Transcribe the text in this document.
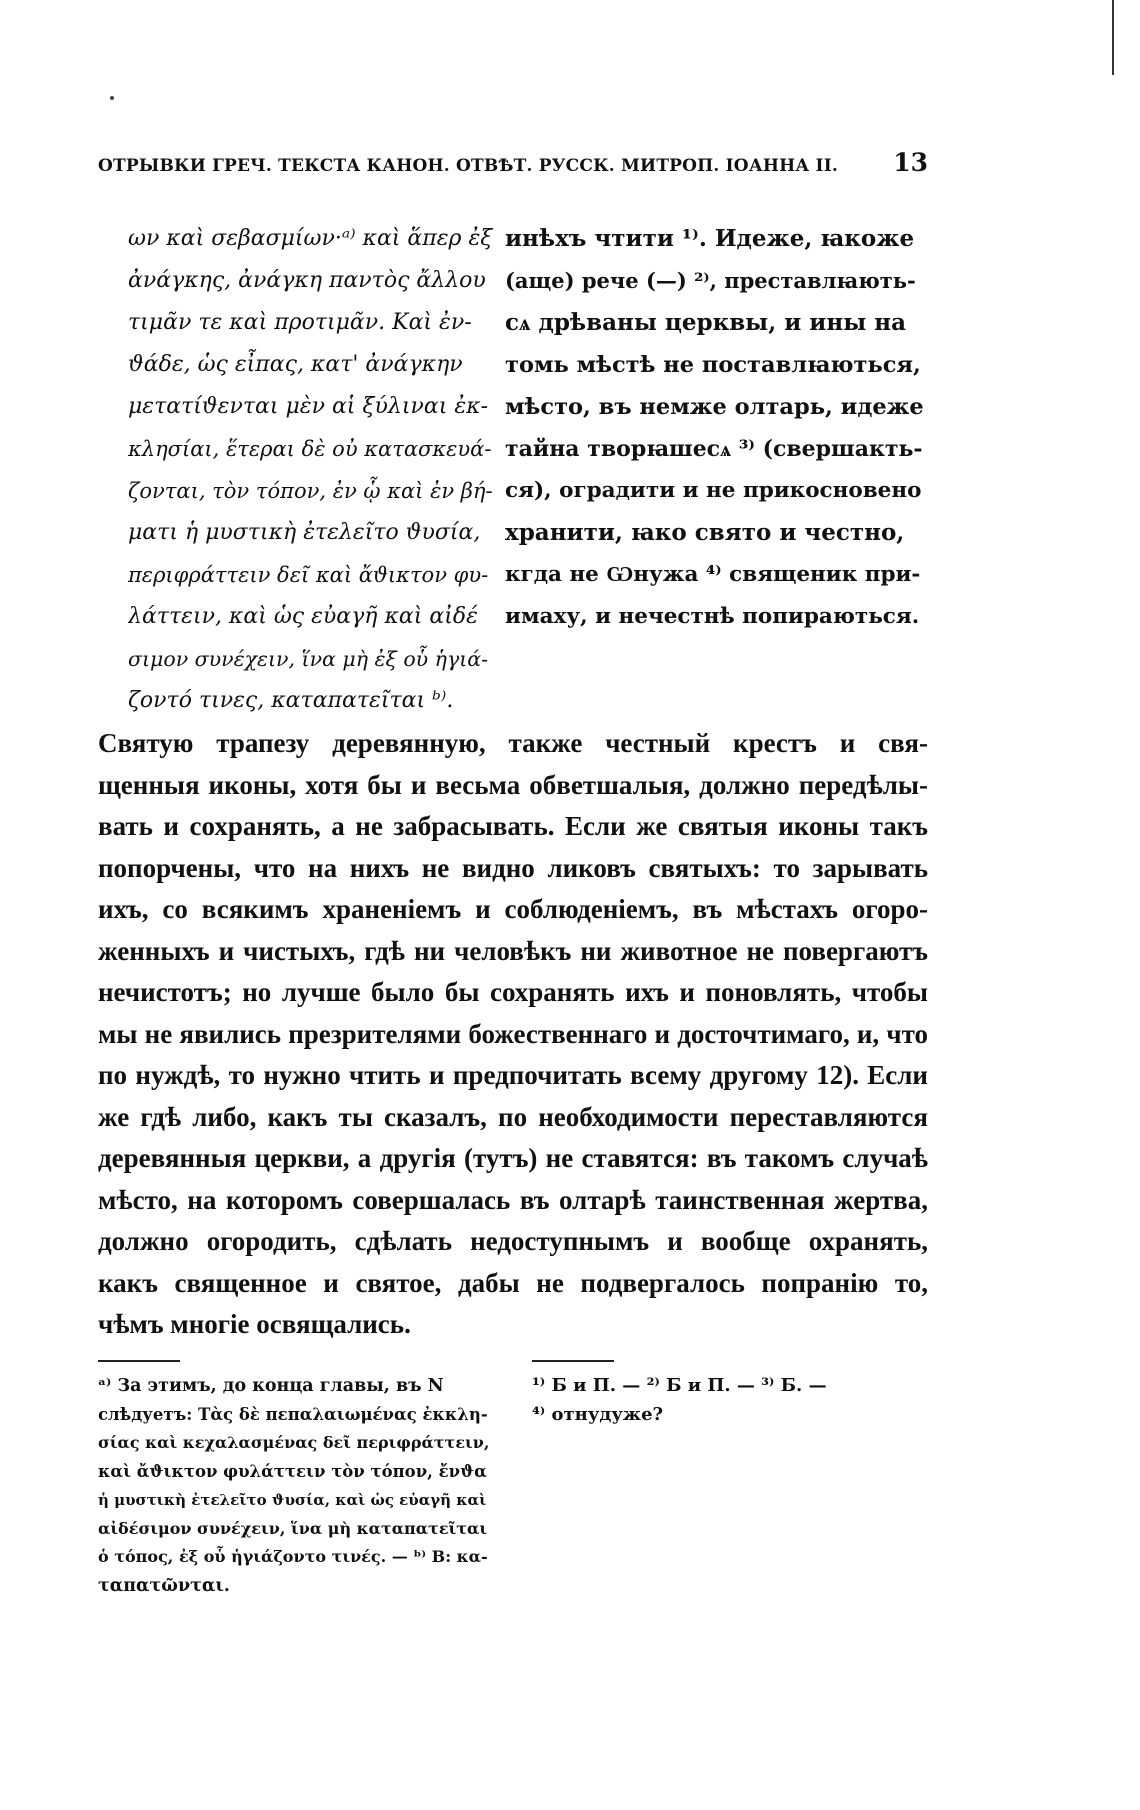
ОТРЫВКИ ГРЕЧ. ТЕКСТА КАНОН. ОТВѢТ. РУССК. МИТРОП. IОАННА II. 13
ων καὶ σεβασμίων·ᵃ⁾ καὶ ἅπερ ἐξ
ἀνάγκης, ἀνάγκη παντὸς ἄλλου
τιμᾶν τε καὶ προτιμᾶν. Καὶ ἐν-
ϑάδε, ὡς εἶπας, κατ' ἀνάγκην
μετατίϑενται μὲν αἱ ξύλιναι ἐκ-
κλησίαι, ἕτεραι δὲ οὐ κατασκευά-
ζονται, τὸν τόπον, ἐν ᾧ καὶ ἐν βή-
ματι ἡ μυστικὴ ἐτελεῖτο ϑυσία,
περιφράττειν δεῖ καὶ ἄϑικτον φυ-
λάττειν, καὶ ὡς εὐαγῆ καὶ αἰδέ
σιμον συνέχειν, ἵνα μὴ ἐξ οὗ ἡγιά-
ζοντό τινες, καταπατεῖται ᵇ⁾.
инѣхъ чтити ¹⁾. Идеже, ꙗкоже
(аще) рече (—) ²⁾, преставлꙗють-
сѧ дрѣваны церквы, и ины на
томь мѣстѣ не поставлꙗються,
мѣсто, въ немже олтарь, идеже
тайна творꙗшесѧ ³⁾ (свершакть-
ся), оградити и не прикосновено
хранити, ꙗко свято и честно,
кгда не Ѡнужа ⁴⁾ священик при-
имаху, и нечестнѣ попираються.
Святую трапезу деревянную, также честный крестъ и свя-
щенныя иконы, хотя бы и весьма обветшалыя, должно передѣлы-
вать и сохранять, а не забрасывать. Если же святыя иконы такъ
попорчены, что на нихъ не видно ликовъ святыхъ: то зарывать
ихъ, со всякимъ храненiемъ и соблюденiемъ, въ мѣстахъ огоро-
женныхъ и чистыхъ, гдѣ ни человѣкъ ни животное не повергаютъ
нечистотъ; но лучше было бы сохранять ихъ и поновлять, чтобы
мы не явились презрителями божественнаго и досточтимаго, и, что
по нуждѣ, то нужно чтить и предпочитать всему другому 12). Если
же гдѣ либо, какъ ты сказалъ, по необходимости переставляются
деревянныя церкви, а другiя (тутъ) не ставятся: въ такомъ случаѣ
мѣсто, на которомъ совершалась въ олтарѣ таинственная жертва,
должно огородить, сдѣлать недоступнымъ и вообще охранять,
какъ священное и святое, дабы не подвергалось попранiю то,
чѣмъ многiе освящались.
ᵃ⁾ За этимъ, до конца главы, въ N
слѣдуетъ: Τὰς δὲ πεπαλαιωμένας ἐκκλη-
σίας καὶ κεχαλασμένας δεῖ περιφράττειν,
καὶ ἄϑικτον φυλάττειν τὸν τόπον, ἔνϑα
ἡ μυστικὴ ἐτελεῖτο ϑυσία, καὶ ὡς εὐαγῆ καὶ
αἰδέσιμον συνέχειν, ἵνα μὴ καταπατεῖται
ὁ τόπος, ἐξ οὗ ἡγιάζοντο τινές. — ᵇ⁾ B: κα-
ταπατῶνται.
¹⁾ Б и П. — ²⁾ Б и П. — ³⁾ Б. —
⁴⁾ отнудуже?
